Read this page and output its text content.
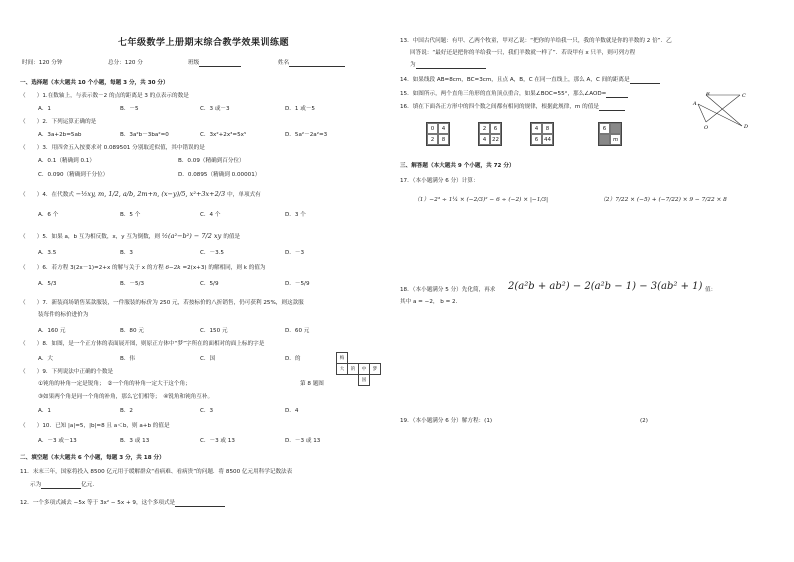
七年级数学上册期末综合教学效果训练题
时间：120 分钟	总分：120 分	班级	姓名
一、选择题（本大题共 10 个小题，每题 3 分，共 30 分）
（　　）1.在数轴上，与表示数－2 的点的距离是 3 的点表示的数是
A．1	B．－5	C．3 或－3	D．1 或－5
（　　）2．下列运算正确的是
A．3a+2b=5ab	B．3a²b－3ba²=0	C．3x²+2x³=5x⁵	D．5a²－2a²=3
（　　）3．用四舍五入按要求对 0.089501 分别取近似值，其中错误的是
A．0.1（精确到 0.1）	B．0.09（精确到百分位）
C．0.090（精确到千分位）	D．0.0895（精确到 0.00001）
（　　）4．在代数式 −½xy, m, 1/2, a/b, 2m+n, (x−y)/5, x²+3x+2/3 中，单项式有
A．6 个	B．5 个	C．4 个	D．3 个
（　　）5．如果 a，b 互为相反数，x，y 互为倒数，则 ½(a²−b²) − 7/2 xy 的值是
A．3.5	B．3	C．－3.5	D．－3
（　　）6．若方程 3(2x－1)=2+x 的解与关于 x 的方程 6−2k =2(x+3) 的解相同，则 k 的值为
A．5/3	B．－5/3	C．5/9	D．－5/9
（　　）7．新装商场销售某款服装，一件服装的标价为 250 元，若按标价的八折销售，仍可获利 25%，则这款服
装每件的标价进价为
A．160 元	B．80 元	C．150 元	D．60 元
（　　）8．如图，是一个正方体的表面展开图，则原正方体中“梦”字所在的面相对的面上标的字是
A．大	B．伟	C．国	D．的	梅
大	的	中	梦
国
第 8 题图
（　　）9．下列说法中正确的个数是
①钝角的补角一定是锐角；　②一个角的补角一定大于这个角；
③如果两个角是同一个角的补角，那么它们相等；　④锐角和钝角互补。
A．1	B．2	C．3	D．4
（　　）10．已知 |a|=5，|b|=8 且 a＜b，则 a+b 的值是
A．－3 或－13	B．3 或 13	C．－3 或 13	D．－3 或 13
二、填空题（本大题共 6 个小题，每题 3 分，共 18 分）
11．末末三年，国家将投入 8500 亿元用于缓解群众“看病难、看病贵”的问题．将 8500 亿元用科学记数法表
示为	亿元．
12．一个多项式减去 −5x 等于 3x² − 5x + 9，这个多项式是
13．中国古代问题：有甲、乙两个牧童，甲对乙说：“把你的羊给我一只，我的羊数就是你的羊数的 2 倍”．乙
回答说：“最好还是把你的羊给我一只，我们羊数就一样了”．若设甲有 x 只羊，则可列方程
为
14．如果线段 AB=8cm，BC=3cm，且点 A，B，C 在同一直线上，那么 A，C 间的距离是
15．如图所示，两个直角三角形的直角顶点重合，如果∠BOC=55°，那么∠AOD=
16．填在下面各正方形中的四个数之间都有相同的规律，根据此规律，m 的值是	A
B	C
O	D
0	4
2	8
2	6
4	22
4	8
6	44
6
m
三、解答题（本大题共 9 个小题，共 72 分）
17．（本小题满分 6 分）计算：
（1）−2³ ÷ 1¼ × (−2/3)² − 6 ÷ (−2) × |−1/3|	（2）7/22 × (−5) + (−7/22) × 9 − 7/22 × 8
18．（本小题满分 5 分）先化简，再求 2(a²b + ab²) − 2(a²b − 1) − 3(ab² + 1) 值：
其中 a = −2， b = 2．
19．（本小题满分 6 分）解方程：(1)	(2)
